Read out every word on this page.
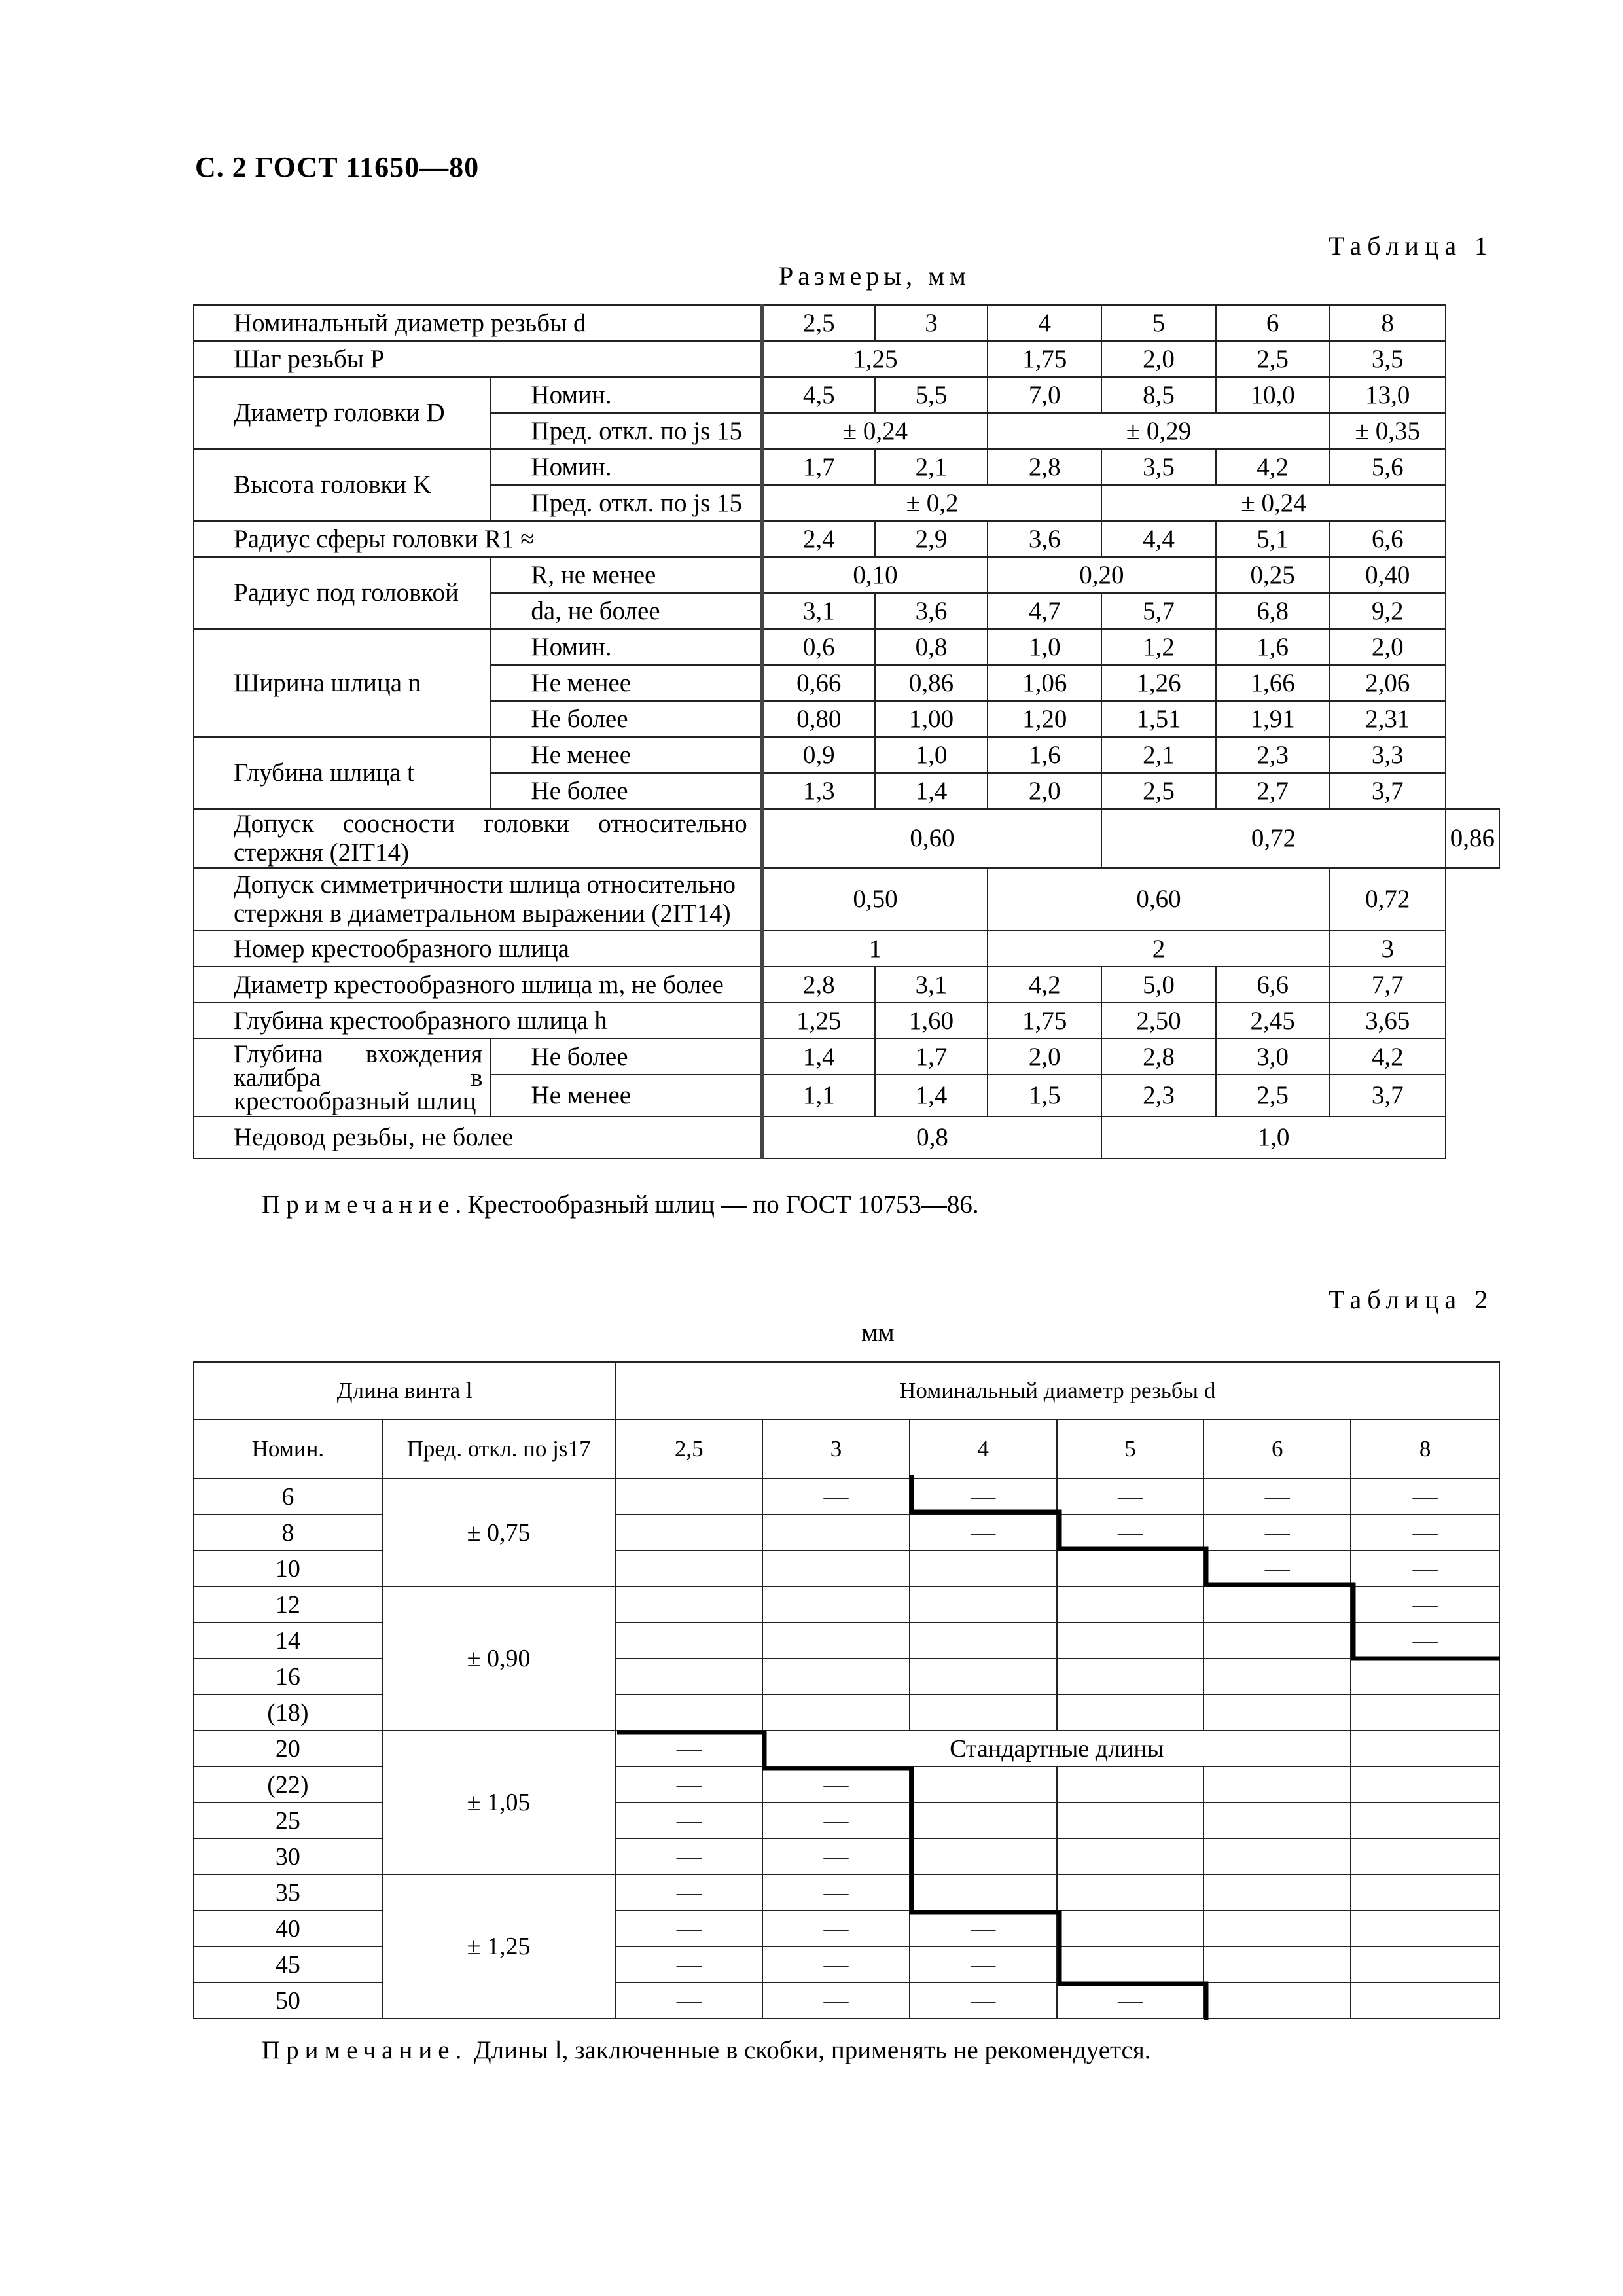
С. 2 ГОСТ 11650—80
Таблица 1
Размеры, мм
Номинальный диаметр резьбы d		2,5	3	4	5	6	8	
Шаг резьбы P		1,25		1,75	2,0	2,5	3,5	
Диаметр головки D	Номин.	4,5	5,5	7,0	8,5	10,0	13,0	
	Пред. откл. по js 15	± 0,24		± 0,29			± 0,35	
Высота головки K	Номин.	1,7	2,1	2,8	3,5	4,2	5,6	
	Пред. откл. по js 15	± 0,2			± 0,24			
Радиус сферы головки R1 ≈		2,4	2,9	3,6	4,4	5,1	6,6	
Радиус под головкой	R, не менее	0,10		0,20		0,25	0,40	
	da, не более	3,1	3,6	4,7	5,7	6,8	9,2	
Ширина шлица n	Номин.	0,6	0,8	1,0	1,2	1,6	2,0	
	Не менее	0,66	0,86	1,06	1,26	1,66	2,06	
	Не более	0,80	1,00	1,20	1,51	1,91	2,31	
Глубина шлица t	Не менее	0,9	1,0	1,6	2,1	2,3	3,3	
	Не более	1,3	1,4	2,0	2,5	2,7	3,7	
Допуск соосности головки относительно стержня (2IT14)		0,60			0,72			0,86
Допуск симметричности шлица относительно стержня в диаметральном выражении (2IT14)		0,50		0,60			0,72	
Номер крестообразного шлица		1		2			3	
Диаметр крестообразного шлица m, не более		2,8	3,1	4,2	5,0	6,6	7,7	
Глубина крестообразного шлица h		1,25	1,60	1,75	2,50	2,45	3,65	
Глубина вхождения калибра в крестообразный шлиц	Не более	1,4	1,7	2,0	2,8	3,0	4,2	
	Не менее	1,1	1,4	1,5	2,3	2,5	3,7	
Недовод резьбы, не более		0,8			1,0			
Примечание.Крестообразный шлиц — по ГОСТ 10753—86.
Таблица 2
мм
Длина винта l		Номинальный диаметр резьбы d					
Номин.	Пред. откл. по js17	2,5	3	4	5	6	8
6	± 0,75		—	—	—	—	—
8				—	—	—	—
10						—	—
12	± 0,90						—
14							—
16							
(18)							
20	± 1,05	—	Стандартные длины				
(22)		—	—				
25		—	—				
30		—	—				
35	± 1,25	—	—				
40		—	—	—			
45		—	—	—			
50		—	—	—	—		
Примечание. Длины l, заключенные в скобки, применять не рекомендуется.
